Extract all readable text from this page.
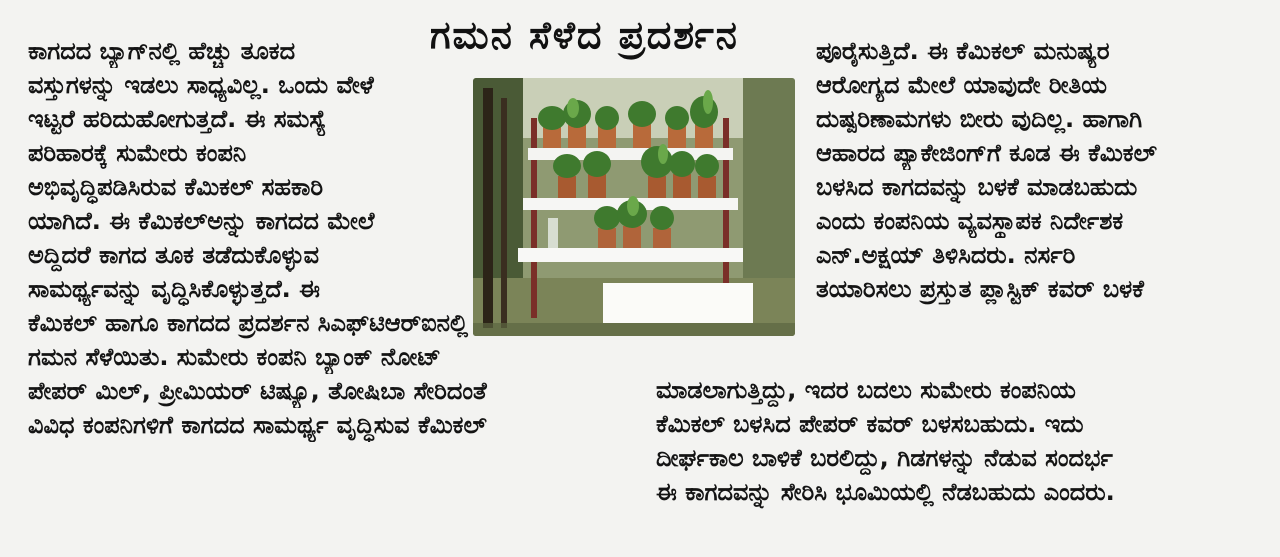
ಗಮನ ಸೆಳೆದ ಪ್ರದರ್ಶನ
ಕಾಗದದ ಬ್ಯಾಗ್‌ನಲ್ಲಿ ಹೆಚ್ಚು ತೂಕದ
ವಸ್ತುಗಳನ್ನು ಇಡಲು ಸಾಧ್ಯವಿಲ್ಲ. ಒಂದು ವೇಳೆ
ಇಟ್ಟರೆ ಹರಿದುಹೋಗುತ್ತದೆ. ಈ ಸಮಸ್ಯೆ
ಪರಿಹಾರಕ್ಕೆ ಸುಮೇರು ಕಂಪನಿ
ಅಭಿವೃದ್ಧಿಪಡಿಸಿರುವ ಕೆಮಿಕಲ್ ಸಹಕಾರಿ
ಯಾಗಿದೆ. ಈ ಕೆಮಿಕಲ್‌ಅನ್ನು ಕಾಗದದ ಮೇಲೆ
ಅದ್ದಿದರೆ ಕಾಗದ ತೂಕ ತಡೆದುಕೊಳ್ಳುವ
ಸಾಮರ್ಥ್ಯವನ್ನು ವೃದ್ಧಿಸಿಕೊಳ್ಳುತ್ತದೆ. ಈ
ಕೆಮಿಕಲ್ ಹಾಗೂ ಕಾಗದದ ಪ್ರದರ್ಶನ ಸಿಎಫ್‌ಟಿಆರ್‌ಐನಲ್ಲಿ
ಗಮನ ಸೆಳೆಯಿತು. ಸುಮೇರು ಕಂಪನಿ ಬ್ಯಾಂಕ್ ನೋಟ್
ಪೇಪರ್ ಮಿಲ್, ಪ್ರೀಮಿಯರ್ ಟಿಷ್ಯೂ, ತೋಷಿಬಾ ಸೇರಿದಂತೆ
ವಿವಿಧ ಕಂಪನಿಗಳಿಗೆ ಕಾಗದದ ಸಾಮರ್ಥ್ಯ ವೃದ್ಧಿಸುವ ಕೆಮಿಕಲ್
ಪೂರೈಸುತ್ತಿದೆ. ಈ ಕೆಮಿಕಲ್ ಮನುಷ್ಯರ
ಆರೋಗ್ಯದ ಮೇಲೆ ಯಾವುದೇ ರೀತಿಯ
ದುಷ್ಪರಿಣಾಮಗಳು ಬೀರು ವುದಿಲ್ಲ. ಹಾಗಾಗಿ
ಆಹಾರದ ಪ್ಯಾಕೇಜಿಂಗ್‌ಗೆ ಕೂಡ ಈ ಕೆಮಿಕಲ್
ಬಳಸಿದ ಕಾಗದವನ್ನು ಬಳಕೆ ಮಾಡಬಹುದು
ಎಂದು ಕಂಪನಿಯ ವ್ಯವಸ್ಥಾಪಕ ನಿರ್ದೇಶಕ
ಎನ್.ಅಕ್ಷಯ್ ತಿಳಿಸಿದರು. ನರ್ಸರಿ
ತಯಾರಿಸಲು ಪ್ರಸ್ತುತ ಪ್ಲಾಸ್ಟಿಕ್ ಕವರ್ ಬಳಕೆ
ಮಾಡಲಾಗುತ್ತಿದ್ದು, ಇದರ ಬದಲು ಸುಮೇರು ಕಂಪನಿಯ
ಕೆಮಿಕಲ್ ಬಳಸಿದ ಪೇಪರ್ ಕವರ್ ಬಳಸಬಹುದು. ಇದು
ದೀರ್ಘಕಾಲ ಬಾಳಿಕೆ ಬರಲಿದ್ದು, ಗಿಡಗಳನ್ನು ನೆಡುವ ಸಂದರ್ಭ
ಈ ಕಾಗದವನ್ನು ಸೇರಿಸಿ ಭೂಮಿಯಲ್ಲಿ ನೆಡಬಹುದು ಎಂದರು.
